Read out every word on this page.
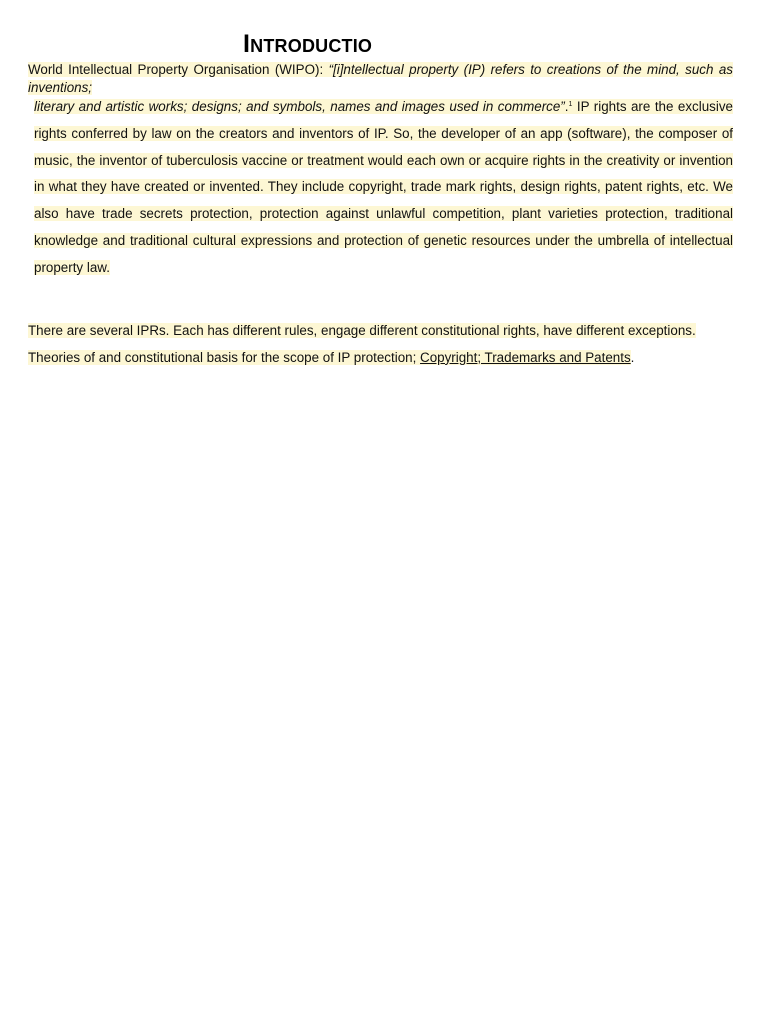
Introductio
World Intellectual Property Organisation (WIPO): “[i]ntellectual property (IP) refers to creations of the mind, such as inventions;
literary and artistic works; designs; and symbols, names and images used in commerce”.$^1$ IP rights are the exclusive rights conferred by law on the creators and inventors of IP. So, the developer of an app (software), the composer of music, the inventor of tuberculosis vaccine or treatment would each own or acquire rights in the creativity or invention in what they have created or invented. They include copyright, trade mark rights, design rights, patent rights, etc. We also have trade secrets protection, protection against unlawful competition, plant varieties protection, traditional knowledge and traditional cultural expressions and protection of genetic resources under the umbrella of intellectual property law.
There are several IPRs. Each has different rules, engage different constitutional rights, have different exceptions.
Theories of and constitutional basis for the scope of IP protection; Copyright; Trademarks and Patents.
